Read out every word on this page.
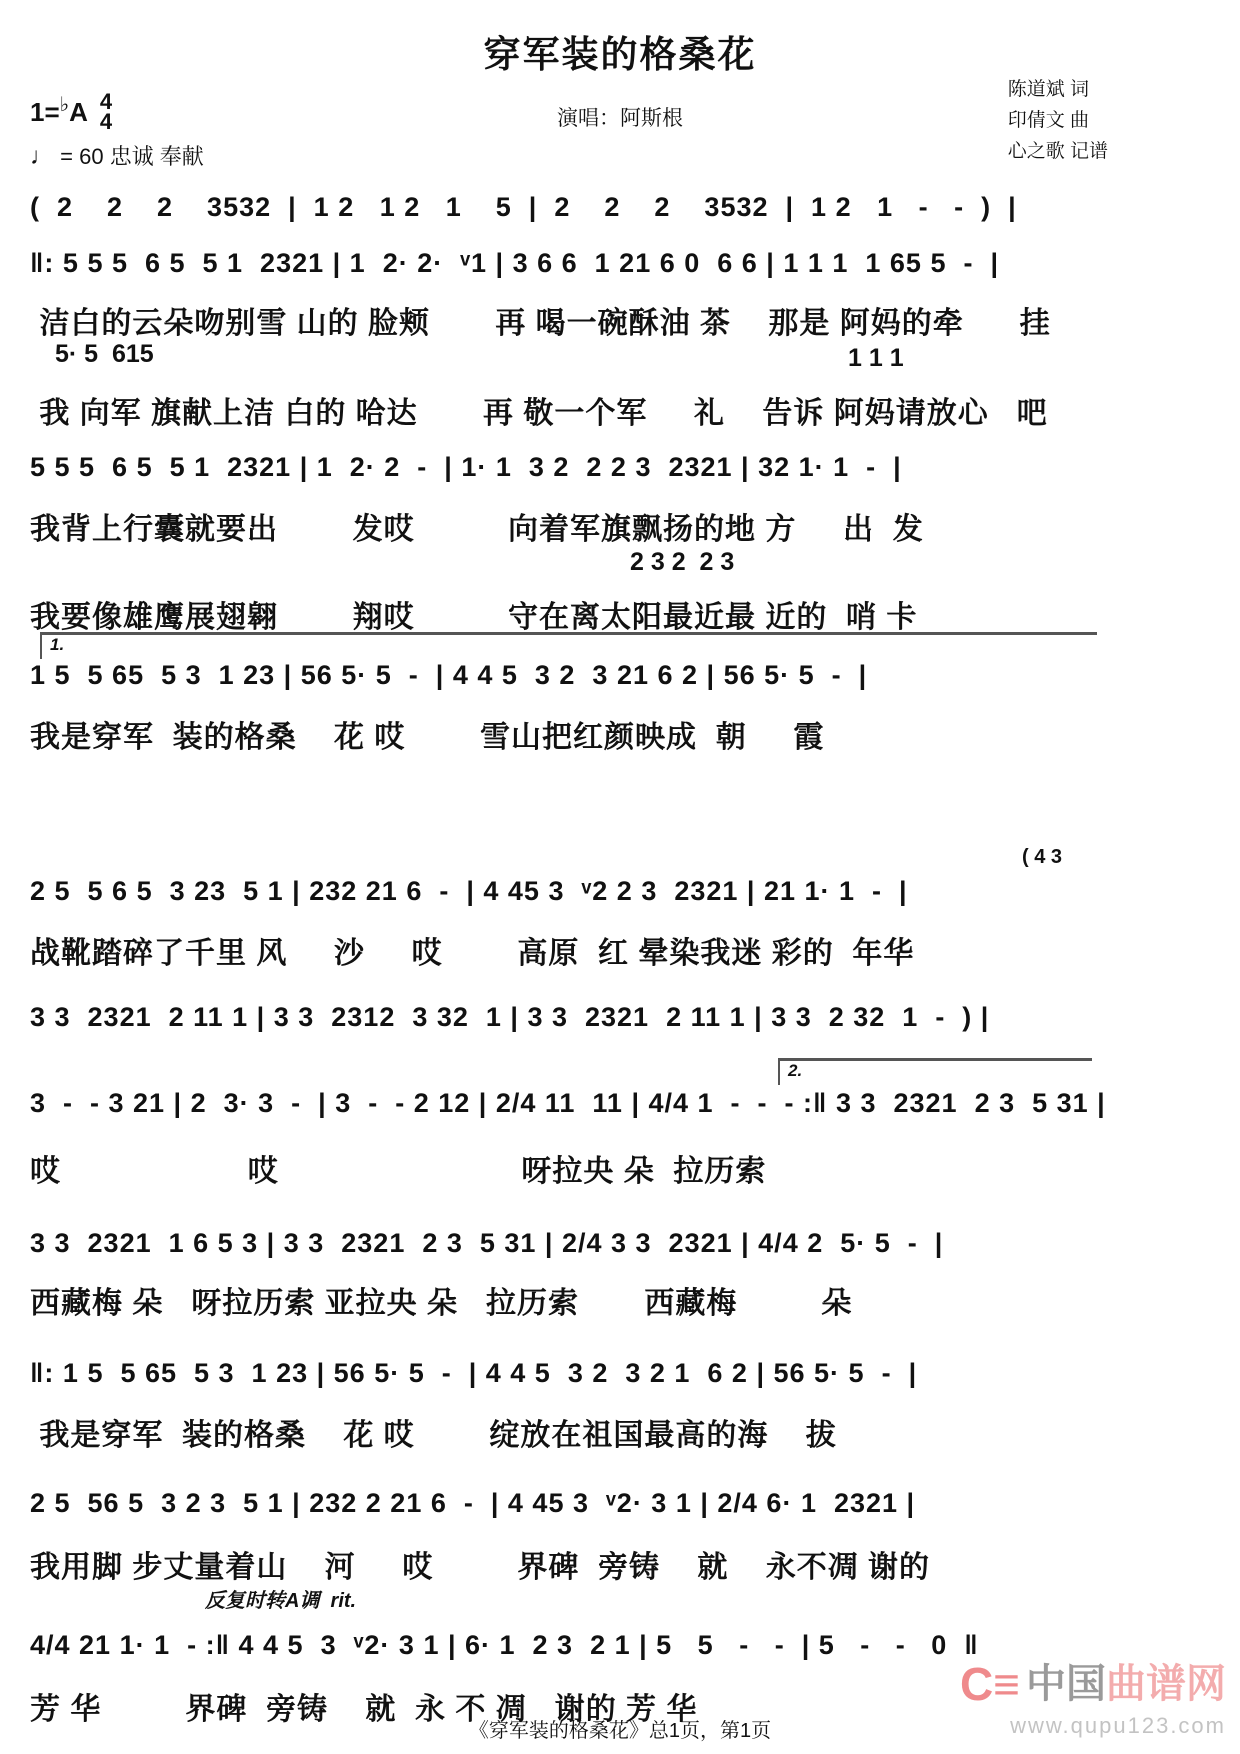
穿军装的格桑花
陈道斌 词
印倩文 曲
心之歌 记谱
1= ♭ A 4
4
♩ = 60 忠诚 奉献
演唱：阿斯根
(  2    2    2    3532  |  1 2   1 2   1    5  |  2    2    2    3532  |  1 2   1   -   -  )  |
‖: 5 5 5  6 5  5 1  2321 | 1  2· 2·  ᵛ1 | 3 6 6  1 21 6 0  6 6 | 1 1 1  1 65 5  -  |
洁白的云朵吻别雪 山的 脸颊       再 喝一碗酥油 茶    那是 阿妈的牵      挂
5· 5  615	1 1 1
我 向军 旗献上洁 白的 哈达       再 敬一个军     礼    告诉 阿妈请放心   吧
5 5 5  6 5  5 1  2321 | 1  2· 2  -  | 1· 1  3 2  2 2 3  2321 | 32 1· 1  -  |
我背上行囊就要出        发哎          向着军旗飘扬的地 方     出  发
2 3 2  2 3
我要像雄鹰展翅翱        翔哎          守在离太阳最近最 近的  哨 卡
1.
1 5  5 65  5 3  1 23 | 56 5· 5  -  | 4 4 5  3 2  3 21 6 2 | 56 5· 5  -  |
我是穿军  装的格桑    花 哎        雪山把红颜映成  朝     霞
( 4 3
2 5  5 6 5  3 23  5 1 | 232 21 6  -  | 4 45 3  ᵛ2 2 3  2321 | 21 1· 1  -  |
战靴踏碎了千里 风     沙     哎        高原  红 晕染我迷 彩的  年华
3 3  2321  2 11 1 | 3 3  2312  3 32  1 | 3 3  2321  2 11 1 | 3 3  2 32  1  -  ) |
2.
3  -  - 3 21 | 2  3· 3  -  | 3  -  - 2 12 | 2/4 11  11 | 4/4 1  -  -  - :‖ 3 3  2321  2 3  5 31 |
哎                    哎                          呀拉央 朵  拉历索
3 3  2321  1 6 5 3 | 3 3  2321  2 3  5 31 | 2/4 3 3  2321 | 4/4 2  5· 5  -  |
西藏梅 朵   呀拉历索 亚拉央 朵   拉历索       西藏梅         朵
‖: 1 5  5 65  5 3  1 23 | 56 5· 5  -  | 4 4 5  3 2  3 2 1  6 2 | 56 5· 5  -  |
我是穿军  装的格桑    花 哎        绽放在祖国最高的海    拔
2 5  56 5  3 2 3  5 1 | 232 2 21 6  -  | 4 45 3  ᵛ2· 3 1 | 2/4 6· 1  2321 |
我用脚 步丈量着山    河     哎         界碑  旁铸    就    永不凋 谢的
反复时转A调  rit.
4/4 21 1· 1  - :‖ 4 4 5  3  ᵛ2· 3 1 | 6· 1  2 3  2 1 | 5   5   -   -  | 5   -   -   0  ‖
芳 华         界碑  旁铸    就  永 不 凋   谢的 芳 华
《穿军装的格桑花》总1页，第1页
C≡ 中国 曲谱网
www.qupu123.com
